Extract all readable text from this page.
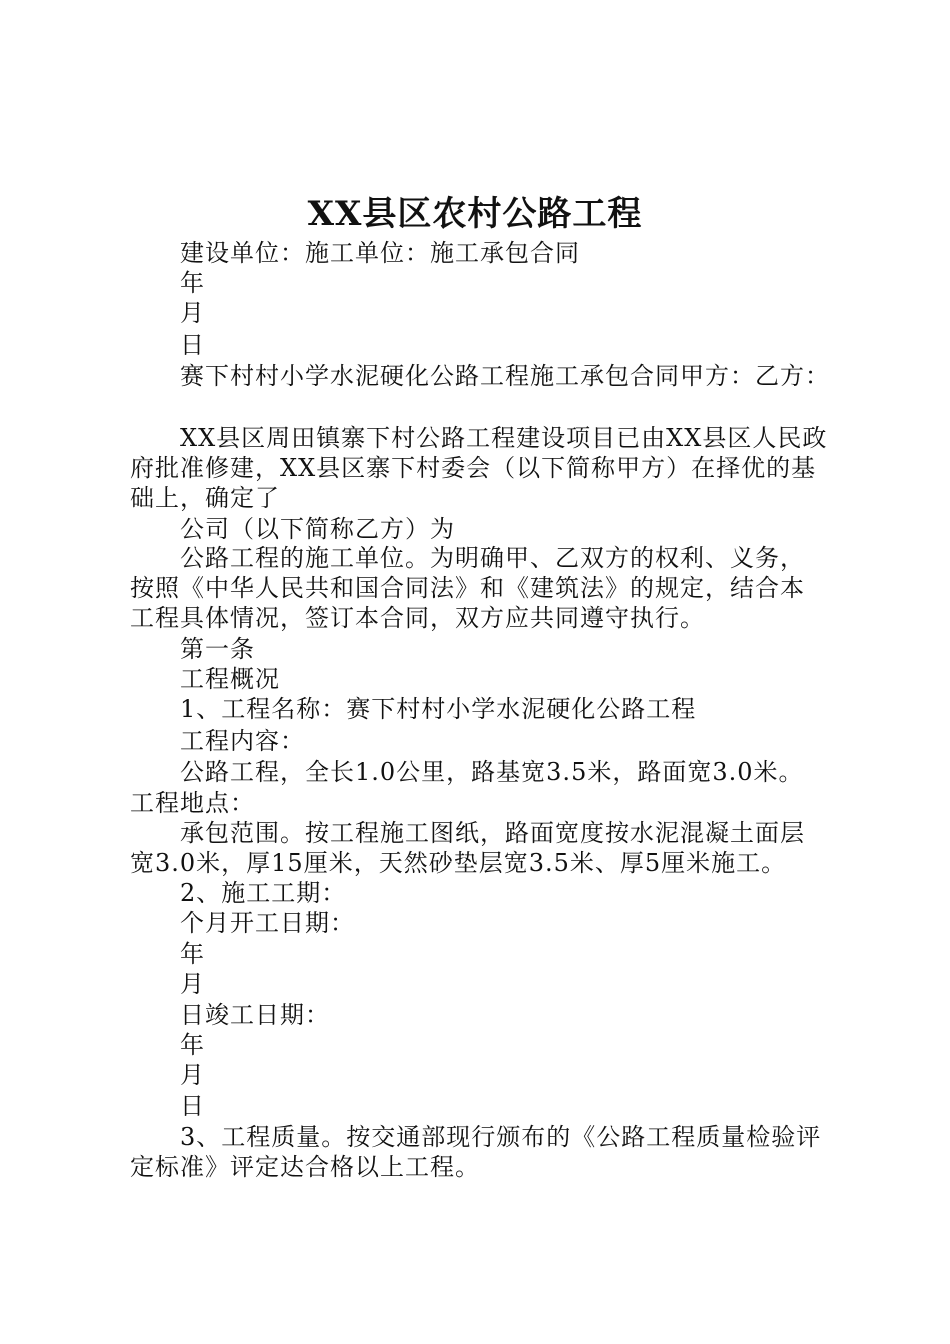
XX县区农村公路工程
建设单位：施工单位：施工承包合同
年
月
日
赛下村村小学水泥硬化公路工程施工承包合同甲方：乙方：
XX县区周田镇寨下村公路工程建设项目已由XX县区人民政
府批准修建，XX县区寨下村委会（以下简称甲方）在择优的基
础上，确定了
公司（以下简称乙方）为
公路工程的施工单位。为明确甲、乙双方的权利、义务，
按照《中华人民共和国合同法》和《建筑法》的规定，结合本
工程具体情况，签订本合同，双方应共同遵守执行。
第一条
工程概况
1、工程名称：赛下村村小学水泥硬化公路工程
工程内容：
公路工程，全长1.0公里，路基宽3.5米，路面宽3.0米。
工程地点：
承包范围。按工程施工图纸，路面宽度按水泥混凝土面层
宽3.0米，厚15厘米，天然砂垫层宽3.5米、厚5厘米施工。
2、施工工期：
个月开工日期：
年
月
日竣工日期：
年
月
日
3、工程质量。按交通部现行颁布的《公路工程质量检验评
定标准》评定达合格以上工程。
